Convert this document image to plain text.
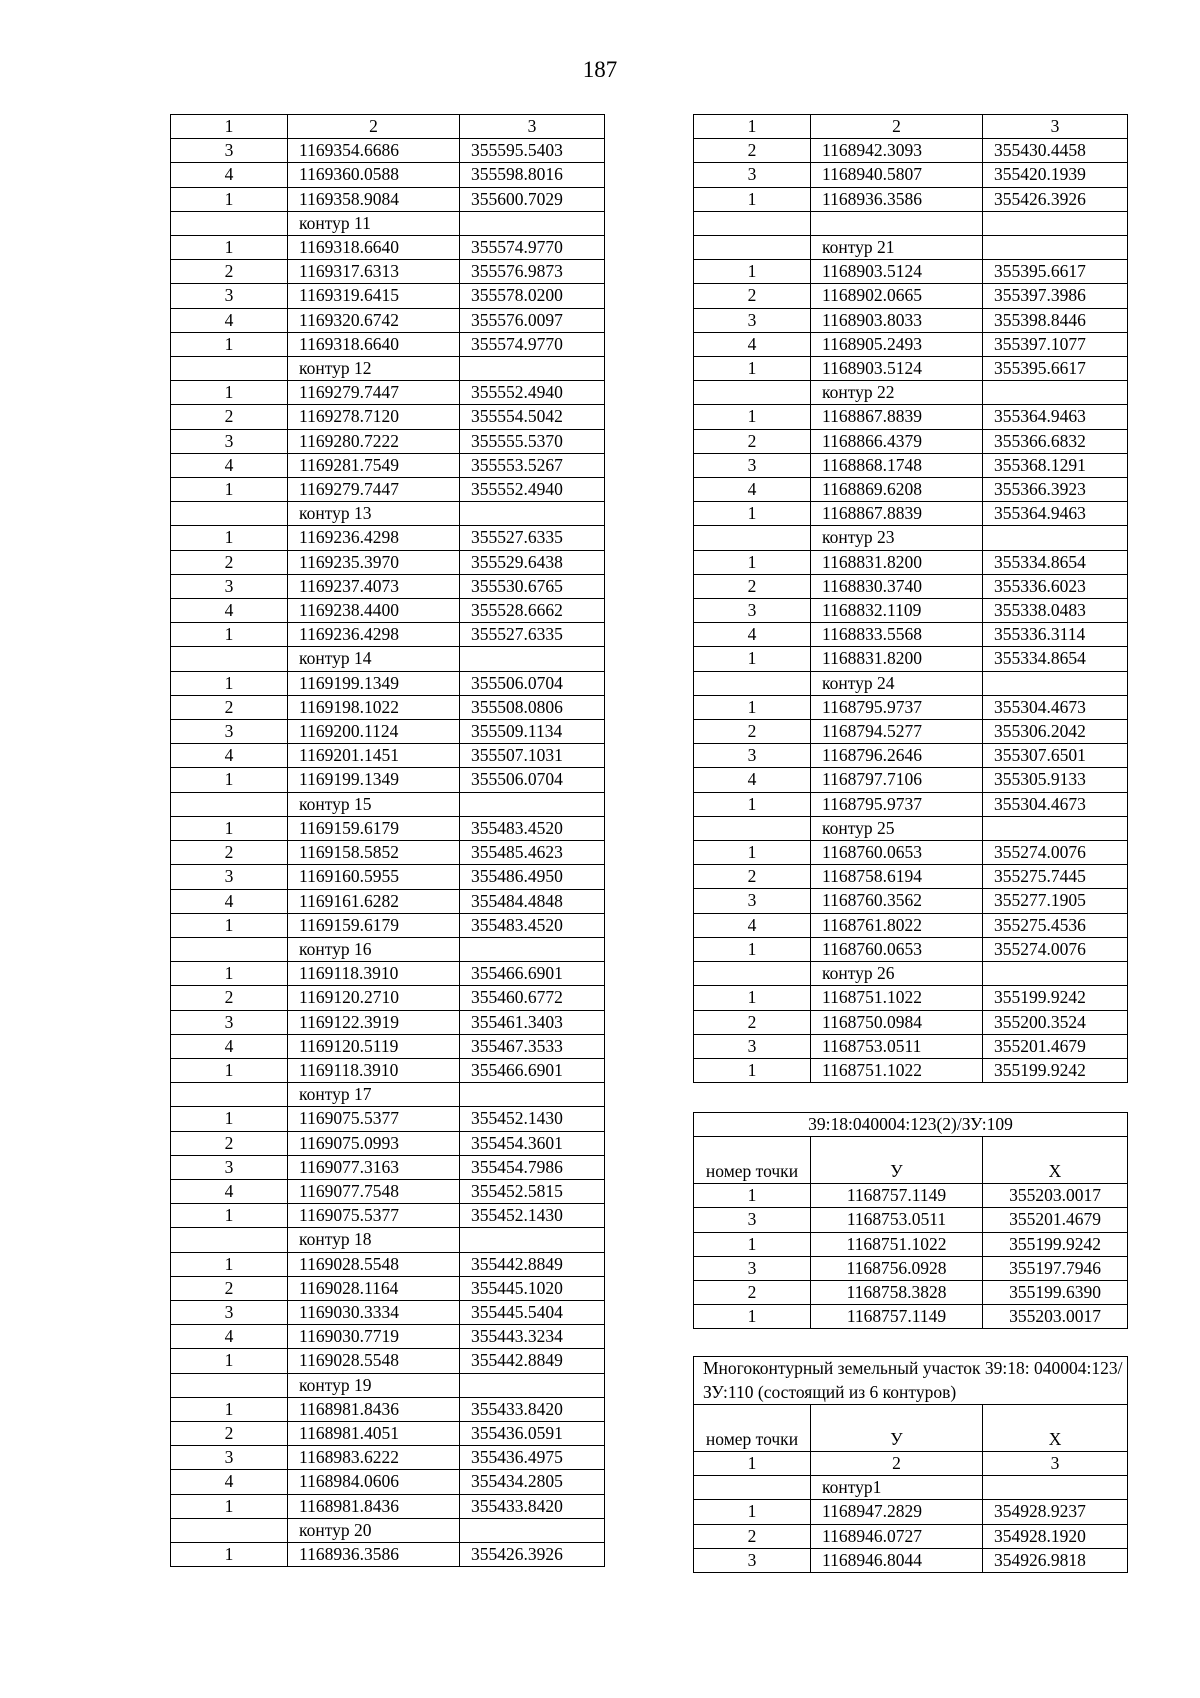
187
1	2	3
3	1169354.6686	355595.5403
4	1169360.0588	355598.8016
1	1169358.9084	355600.7029
	контур 11	
1	1169318.6640	355574.9770
2	1169317.6313	355576.9873
3	1169319.6415	355578.0200
4	1169320.6742	355576.0097
1	1169318.6640	355574.9770
	контур 12	
1	1169279.7447	355552.4940
2	1169278.7120	355554.5042
3	1169280.7222	355555.5370
4	1169281.7549	355553.5267
1	1169279.7447	355552.4940
	контур 13	
1	1169236.4298	355527.6335
2	1169235.3970	355529.6438
3	1169237.4073	355530.6765
4	1169238.4400	355528.6662
1	1169236.4298	355527.6335
	контур 14	
1	1169199.1349	355506.0704
2	1169198.1022	355508.0806
3	1169200.1124	355509.1134
4	1169201.1451	355507.1031
1	1169199.1349	355506.0704
	контур 15	
1	1169159.6179	355483.4520
2	1169158.5852	355485.4623
3	1169160.5955	355486.4950
4	1169161.6282	355484.4848
1	1169159.6179	355483.4520
	контур 16	
1	1169118.3910	355466.6901
2	1169120.2710	355460.6772
3	1169122.3919	355461.3403
4	1169120.5119	355467.3533
1	1169118.3910	355466.6901
	контур 17	
1	1169075.5377	355452.1430
2	1169075.0993	355454.3601
3	1169077.3163	355454.7986
4	1169077.7548	355452.5815
1	1169075.5377	355452.1430
	контур 18	
1	1169028.5548	355442.8849
2	1169028.1164	355445.1020
3	1169030.3334	355445.5404
4	1169030.7719	355443.3234
1	1169028.5548	355442.8849
	контур 19	
1	1168981.8436	355433.8420
2	1168981.4051	355436.0591
3	1168983.6222	355436.4975
4	1168984.0606	355434.2805
1	1168981.8436	355433.8420
	контур 20	
1	1168936.3586	355426.3926
1	2	3
2	1168942.3093	355430.4458
3	1168940.5807	355420.1939
1	1168936.3586	355426.3926

	контур 21	
1	1168903.5124	355395.6617
2	1168902.0665	355397.3986
3	1168903.8033	355398.8446
4	1168905.2493	355397.1077
1	1168903.5124	355395.6617
	контур 22	
1	1168867.8839	355364.9463
2	1168866.4379	355366.6832
3	1168868.1748	355368.1291
4	1168869.6208	355366.3923
1	1168867.8839	355364.9463
	контур 23	
1	1168831.8200	355334.8654
2	1168830.3740	355336.6023
3	1168832.1109	355338.0483
4	1168833.5568	355336.3114
1	1168831.8200	355334.8654
	контур 24	
1	1168795.9737	355304.4673
2	1168794.5277	355306.2042
3	1168796.2646	355307.6501
4	1168797.7106	355305.9133
1	1168795.9737	355304.4673
	контур 25	
1	1168760.0653	355274.0076
2	1168758.6194	355275.7445
3	1168760.3562	355277.1905
4	1168761.8022	355275.4536
1	1168760.0653	355274.0076
	контур 26	
1	1168751.1022	355199.9242
2	1168750.0984	355200.3524
3	1168753.0511	355201.4679
1	1168751.1022	355199.9242
39:18:040004:123(2)/ЗУ:109		
номер точки	У	Х
1	1168757.1149	355203.0017
3	1168753.0511	355201.4679
1	1168751.1022	355199.9242
3	1168756.0928	355197.7946
2	1168758.3828	355199.6390
1	1168757.1149	355203.0017
Многоконтурный земельный участок 39:18: 040004:123/ЗУ:110 (состоящий из 6 контуров)		
номер точки	У	Х
1	2	3
	контур1	
1	1168947.2829	354928.9237
2	1168946.0727	354928.1920
3	1168946.8044	354926.9818
